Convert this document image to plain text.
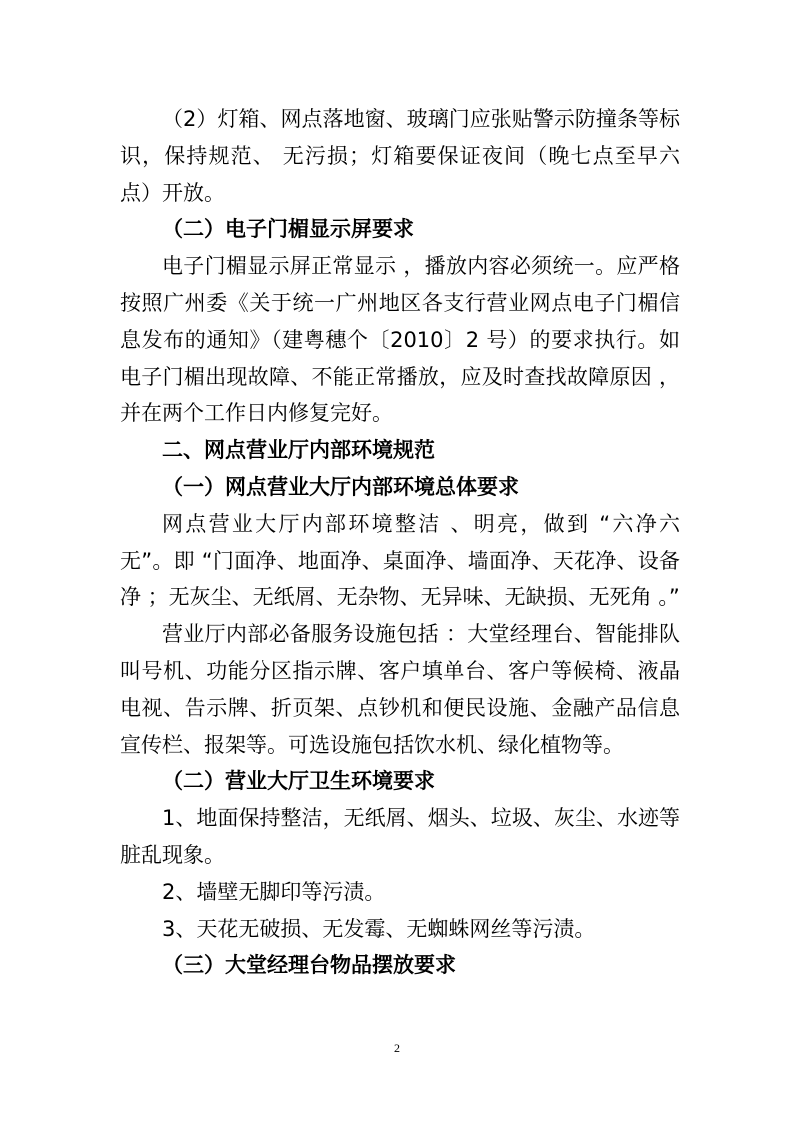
（2）灯箱、网点落地窗、玻璃门应张贴警示防撞条等标识，保持规范、 无污损；灯箱要保证夜间（晚七点至早六点）开放。

（二）电子门楣显示屏要求

电子门楣显示屏正常显示 ，播放内容必须统一。应严格按照广州委《关于统一广州地区各支行营业网点电子门楣信息发布的通知》（建粤穗个〔2010〕2 号）的要求执行。如电子门楣出现故障、不能正常播放，应及时查找故障原因 ，并在两个工作日内修复完好。

二、网点营业厅内部环境规范

（一）网点营业大厅内部环境总体要求

网点营业大厅内部环境整洁 、明亮，做到 “六净六无”。即 “门面净、地面净、桌面净、墙面净、天花净、设备净 ；无灰尘、无纸屑、无杂物、无异味、无缺损、无死角 。”

营业厅内部必备服务设施包括 ：大堂经理台、智能排队叫号机、功能分区指示牌、客户填单台、客户等候椅、液晶电视、告示牌、折页架、点钞机和便民设施、金融产品信息宣传栏、报架等。可选设施包括饮水机、绿化植物等。

（二）营业大厅卫生环境要求

1、地面保持整洁，无纸屑、烟头、垃圾、灰尘、水迹等脏乱现象。

2、墙壁无脚印等污渍。

3、天花无破损、无发霉、无蜘蛛网丝等污渍。

（三）大堂经理台物品摆放要求

2
